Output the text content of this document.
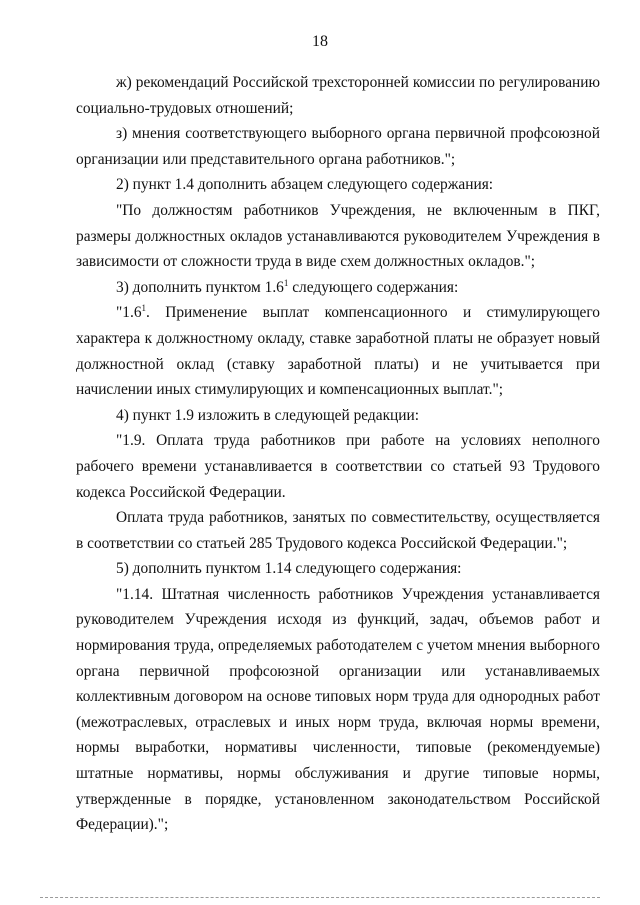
18

ж) рекомендаций Российской трехсторонней комиссии по регулированию социально-трудовых отношений;

з) мнения соответствующего выборного органа первичной профсоюзной организации или представительного органа работников.";

2) пункт 1.4 дополнить абзацем следующего содержания:

"По должностям работников Учреждения, не включенным в ПКГ, размеры должностных окладов устанавливаются руководителем Учреждения в зависимости от сложности труда в виде схем должностных окладов.";

3) дополнить пунктом $1.6^1$ следующего содержания:

"$1.6^1$. Применение выплат компенсационного и стимулирующего характера к должностному окладу, ставке заработной платы не образует новый должностной оклад (ставку заработной платы) и не учитывается при начислении иных стимулирующих и компенсационных выплат.";

4) пункт 1.9 изложить в следующей редакции:

"1.9. Оплата труда работников при работе на условиях неполного рабочего времени устанавливается в соответствии со статьей 93 Трудового кодекса Российской Федерации.

Оплата труда работников, занятых по совместительству, осуществляется в соответствии со статьей 285 Трудового кодекса Российской Федерации.";

5) дополнить пунктом 1.14 следующего содержания:

"1.14. Штатная численность работников Учреждения устанавливается руководителем Учреждения исходя из функций, задач, объемов работ и нормирования труда, определяемых работодателем с учетом мнения выборного органа первичной профсоюзной организации или устанавливаемых коллективным договором на основе типовых норм труда для однородных работ (межотраслевых, отраслевых и иных норм труда, включая нормы времени, нормы выработки, нормативы численности, типовые (рекомендуемые) штатные нормативы, нормы обслуживания и другие типовые нормы, утвержденные в порядке, установленном законодательством Российской Федерации).";
